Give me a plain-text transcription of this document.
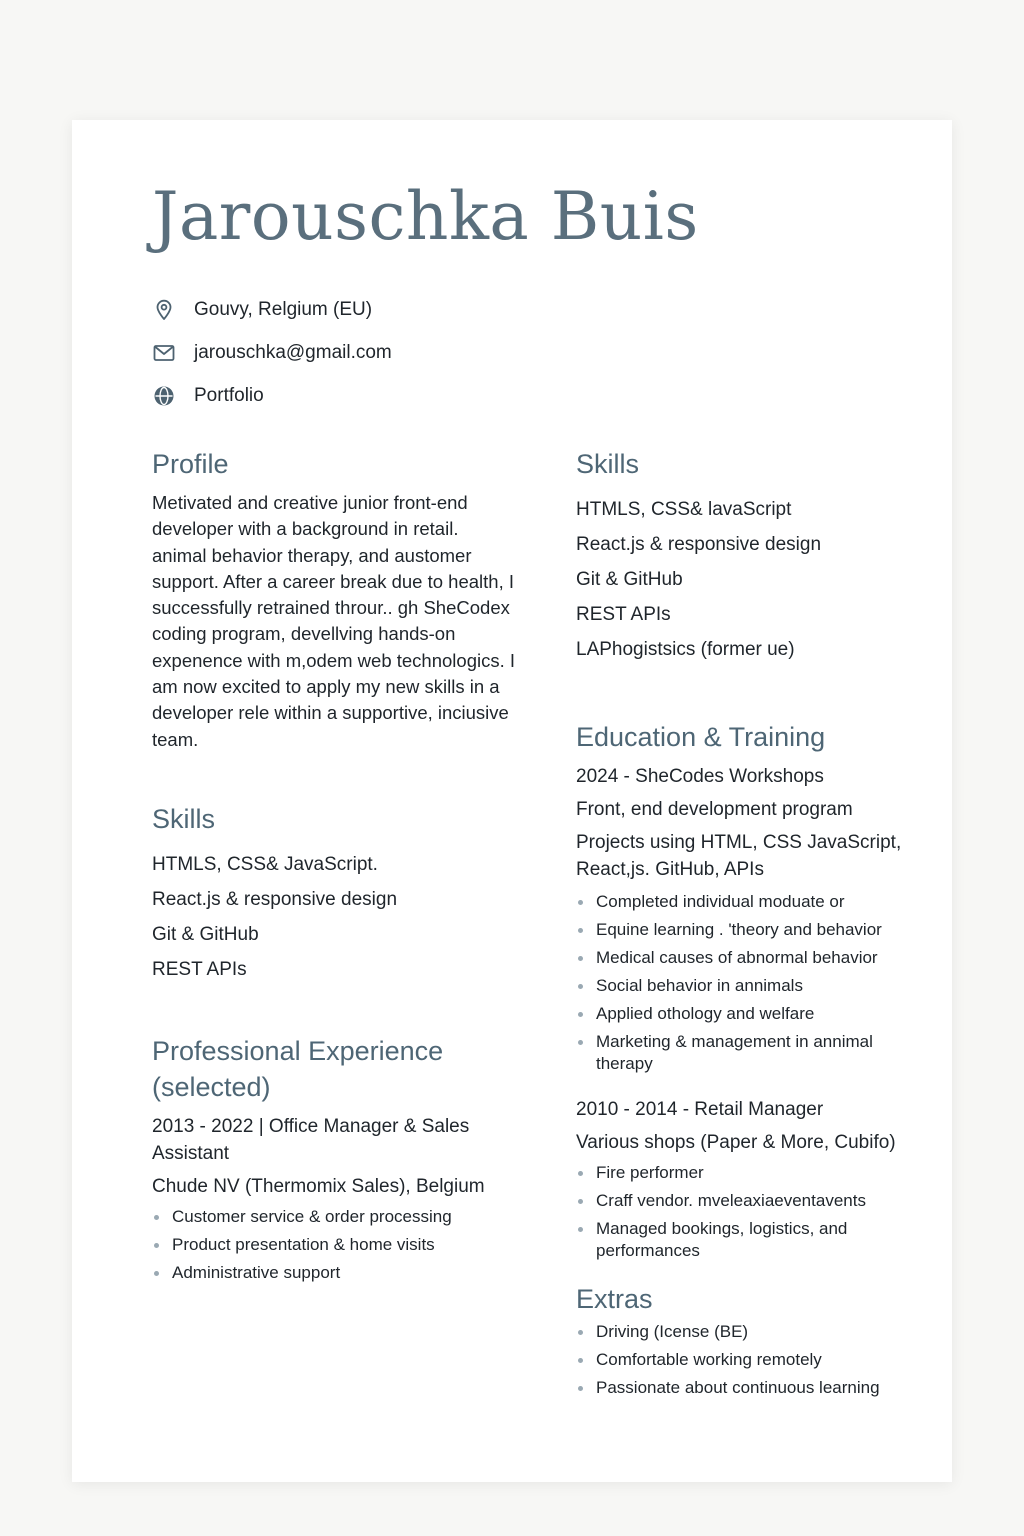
Jarouschka Buis
Gouvy, Relgium (EU)
jarouschka@gmail.com
Portfolio
Profile

Metivated and creative junior front-end developer with a background in retail. animal behavior therapy, and austomer support. After a career break due to health, I successfully retrained throur.. gh SheCodex coding program, devellving hands-on expenence with m,odem web technologics. I am now excited to apply my new skills in a developer rele within a supportive, inciusive team.

Skills
HTMLS, CSS& JavaScript.
React.js & responsive design
Git & GitHub
REST APIs
Professional Experience
(selected)

2013 - 2022 | Office Manager & Sales Assistant

Chude NV (Thermomix Sales), Belgium

Customer service & order processing
Product presentation & home visits
Administrative support
Skills
HTMLS, CSS& lavaScript
React.js & responsive design
Git & GitHub
REST APIs
LAPhogistsics (former ue)
Education & Training

2024 - SheCodes Workshops

Front, end development program

Projects using HTML, CSS JavaScript, React,js. GitHub, APIs

Completed individual moduate or
Equine learning . 'theory and behavior
Medical causes of abnormal behavior
Social behavior in annimals
Applied othology and welfare
Marketing & management in annimal therapy

2010 - 2014 - Retail Manager

Various shops (Paper & More, Cubifo)

Fire performer
Craff vendor. mveleaxiaeventavents
Managed bookings, logistics, and performances
Extras
Driving (Icense (BE)
Comfortable working remotely
Passionate about continuous learning
